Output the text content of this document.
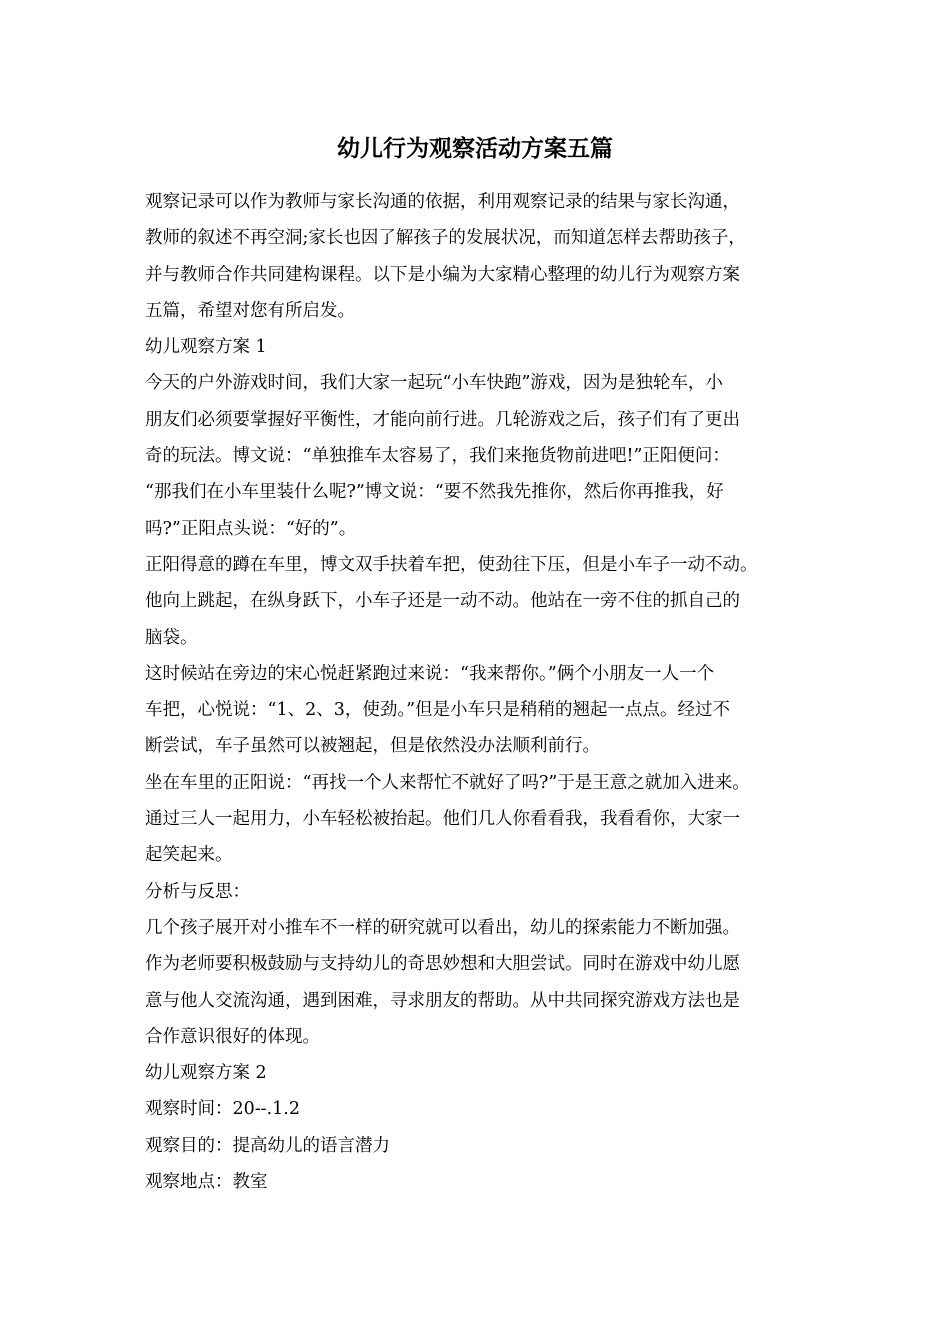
幼儿行为观察活动方案五篇
观察记录可以作为教师与家长沟通的依据，利用观察记录的结果与家长沟通，
教师的叙述不再空洞;家长也因了解孩子的发展状况，而知道怎样去帮助孩子，
并与教师合作共同建构课程。以下是小编为大家精心整理的幼儿行为观察方案
五篇，希望对您有所启发。
幼儿观察方案 1
今天的户外游戏时间，我们大家一起玩“小车快跑”游戏，因为是独轮车，小
朋友们必须要掌握好平衡性，才能向前行进。几轮游戏之后，孩子们有了更出
奇的玩法。博文说：“单独推车太容易了，我们来拖货物前进吧!”正阳便问：
“那我们在小车里装什么呢?”博文说：“要不然我先推你，然后你再推我，好
吗?”正阳点头说：“好的”。
正阳得意的蹲在车里，博文双手扶着车把，使劲往下压，但是小车子一动不动。
他向上跳起，在纵身跃下，小车子还是一动不动。他站在一旁不住的抓自己的
脑袋。
这时候站在旁边的宋心悦赶紧跑过来说：“我来帮你。”俩个小朋友一人一个
车把，心悦说：“1、2、3，使劲。”但是小车只是稍稍的翘起一点点。经过不
断尝试，车子虽然可以被翘起，但是依然没办法顺利前行。
坐在车里的正阳说：“再找一个人来帮忙不就好了吗?”于是王意之就加入进来。
通过三人一起用力，小车轻松被抬起。他们几人你看看我，我看看你，大家一
起笑起来。
分析与反思：
几个孩子展开对小推车不一样的研究就可以看出，幼儿的探索能力不断加强。
作为老师要积极鼓励与支持幼儿的奇思妙想和大胆尝试。同时在游戏中幼儿愿
意与他人交流沟通，遇到困难，寻求朋友的帮助。从中共同探究游戏方法也是
合作意识很好的体现。
幼儿观察方案 2
观察时间：20--.1.2
观察目的：提高幼儿的语言潜力
观察地点：教室
